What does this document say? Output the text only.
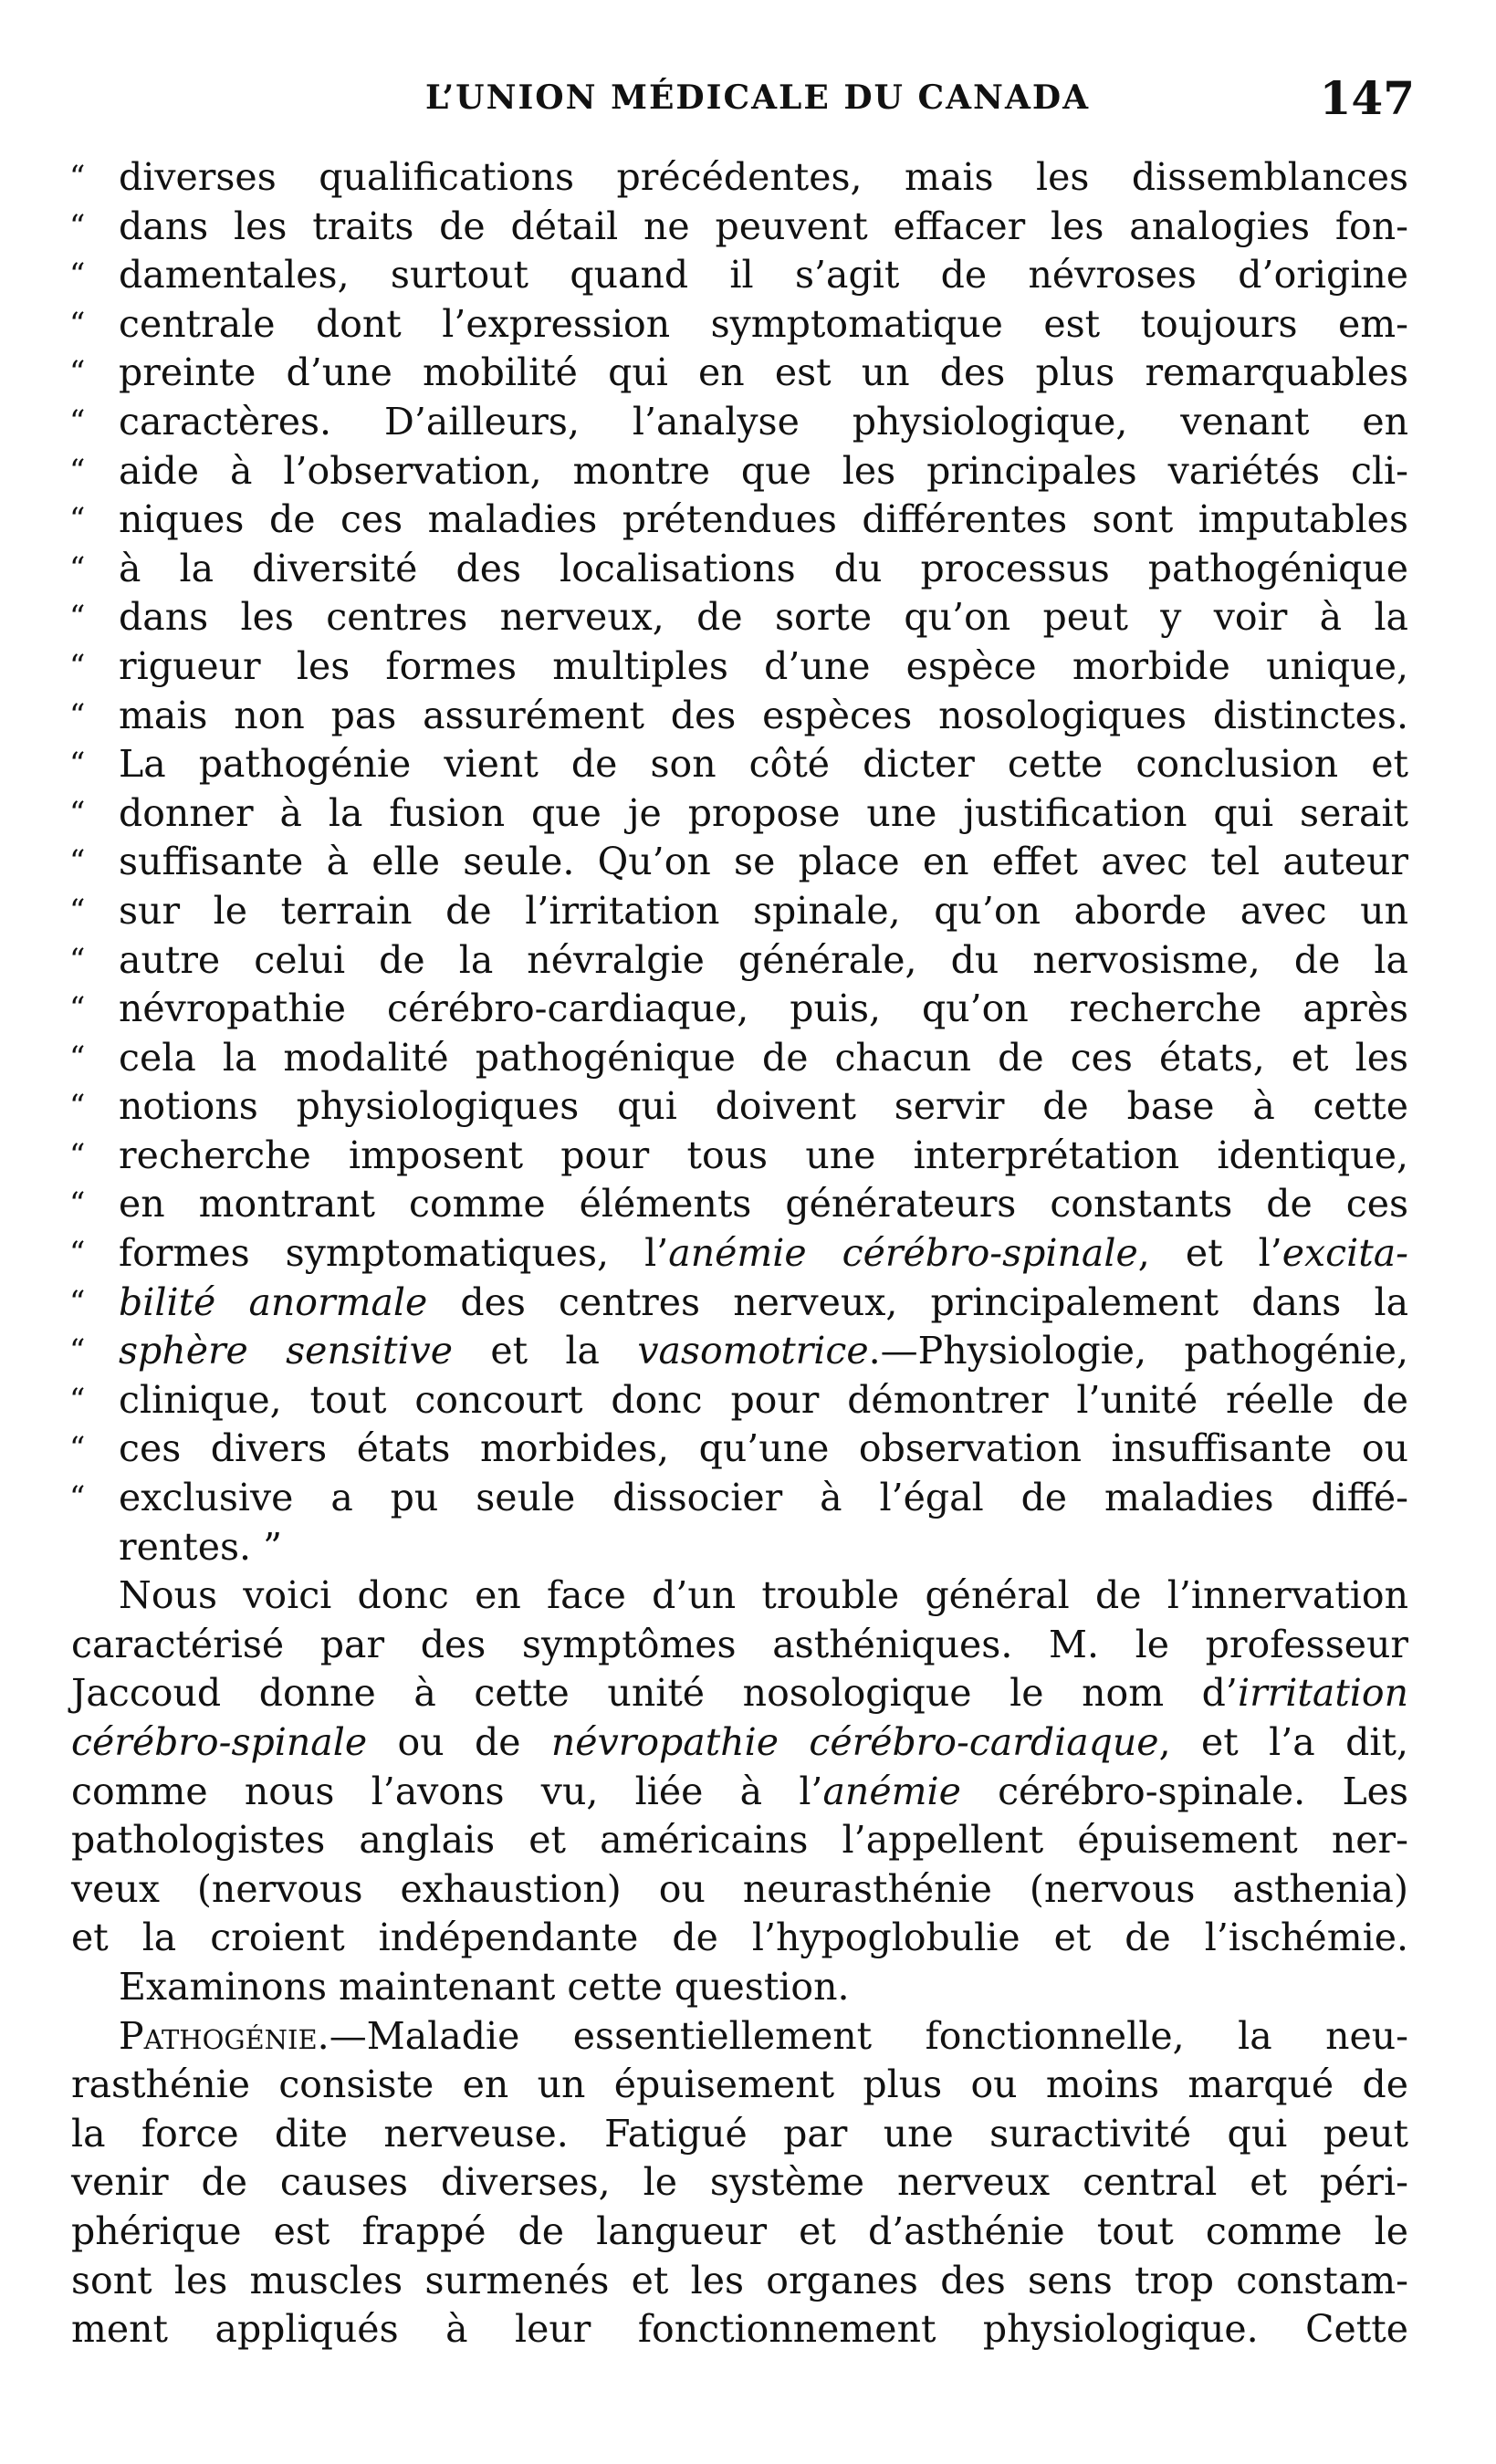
L’UNION MÉDICALE DU CANADA	147
“ diverses qualifications précédentes, mais les dissemblances
“ dans les traits de détail ne peuvent effacer les analogies fon-
“ damentales, surtout quand il s’agit de névroses d’origine
“ centrale dont l’expression symptomatique est toujours em-
“ preinte d’une mobilité qui en est un des plus remarquables
“ caractères. D’ailleurs, l’analyse physiologique, venant en
“ aide à l’observation, montre que les principales variétés cli-
“ niques de ces maladies prétendues différentes sont imputables
“ à la diversité des localisations du processus pathogénique
“ dans les centres nerveux, de sorte qu’on peut y voir à la
“ rigueur les formes multiples d’une espèce morbide unique,
“ mais non pas assurément des espèces nosologiques distinctes.
“ La pathogénie vient de son côté dicter cette conclusion et
“ donner à la fusion que je propose une justification qui serait
“ suffisante à elle seule. Qu’on se place en effet avec tel auteur
“ sur le terrain de l’irritation spinale, qu’on aborde avec un
“ autre celui de la névralgie générale, du nervosisme, de la
“ névropathie cérébro-cardiaque, puis, qu’on recherche après
“ cela la modalité pathogénique de chacun de ces états, et les
“ notions physiologiques qui doivent servir de base à cette
“ recherche imposent pour tous une interprétation identique,
“ en montrant comme éléments générateurs constants de ces
“ formes symptomatiques, l’anémie cérébro-spinale, et l’excita-
“ bilité anormale des centres nerveux, principalement dans la
“ sphère sensitive et la vasomotrice.—Physiologie, pathogénie,
“ clinique, tout concourt donc pour démontrer l’unité réelle de
“ ces divers états morbides, qu’une observation insuffisante ou
“ exclusive a pu seule dissocier à l’égal de maladies diffé-
rentes. ”
Nous voici donc en face d’un trouble général de l’innervation
caractérisé par des symptômes asthéniques. M. le professeur
Jaccoud donne à cette unité nosologique le nom d’irritation
cérébro-spinale ou de névropathie cérébro-cardiaque, et l’a dit,
comme nous l’avons vu, liée à l’anémie cérébro-spinale. Les
pathologistes anglais et américains l’appellent épuisement ner-
veux (nervous exhaustion) ou neurasthénie (nervous asthenia)
et la croient indépendante de l’hypoglobulie et de l’ischémie.
Examinons maintenant cette question.
Pathogénie.—Maladie essentiellement fonctionnelle, la neu-
rasthénie consiste en un épuisement plus ou moins marqué de
la force dite nerveuse. Fatigué par une suractivité qui peut
venir de causes diverses, le système nerveux central et péri-
phérique est frappé de langueur et d’asthénie tout comme le
sont les muscles surmenés et les organes des sens trop constam-
ment appliqués à leur fonctionnement physiologique. Cette
